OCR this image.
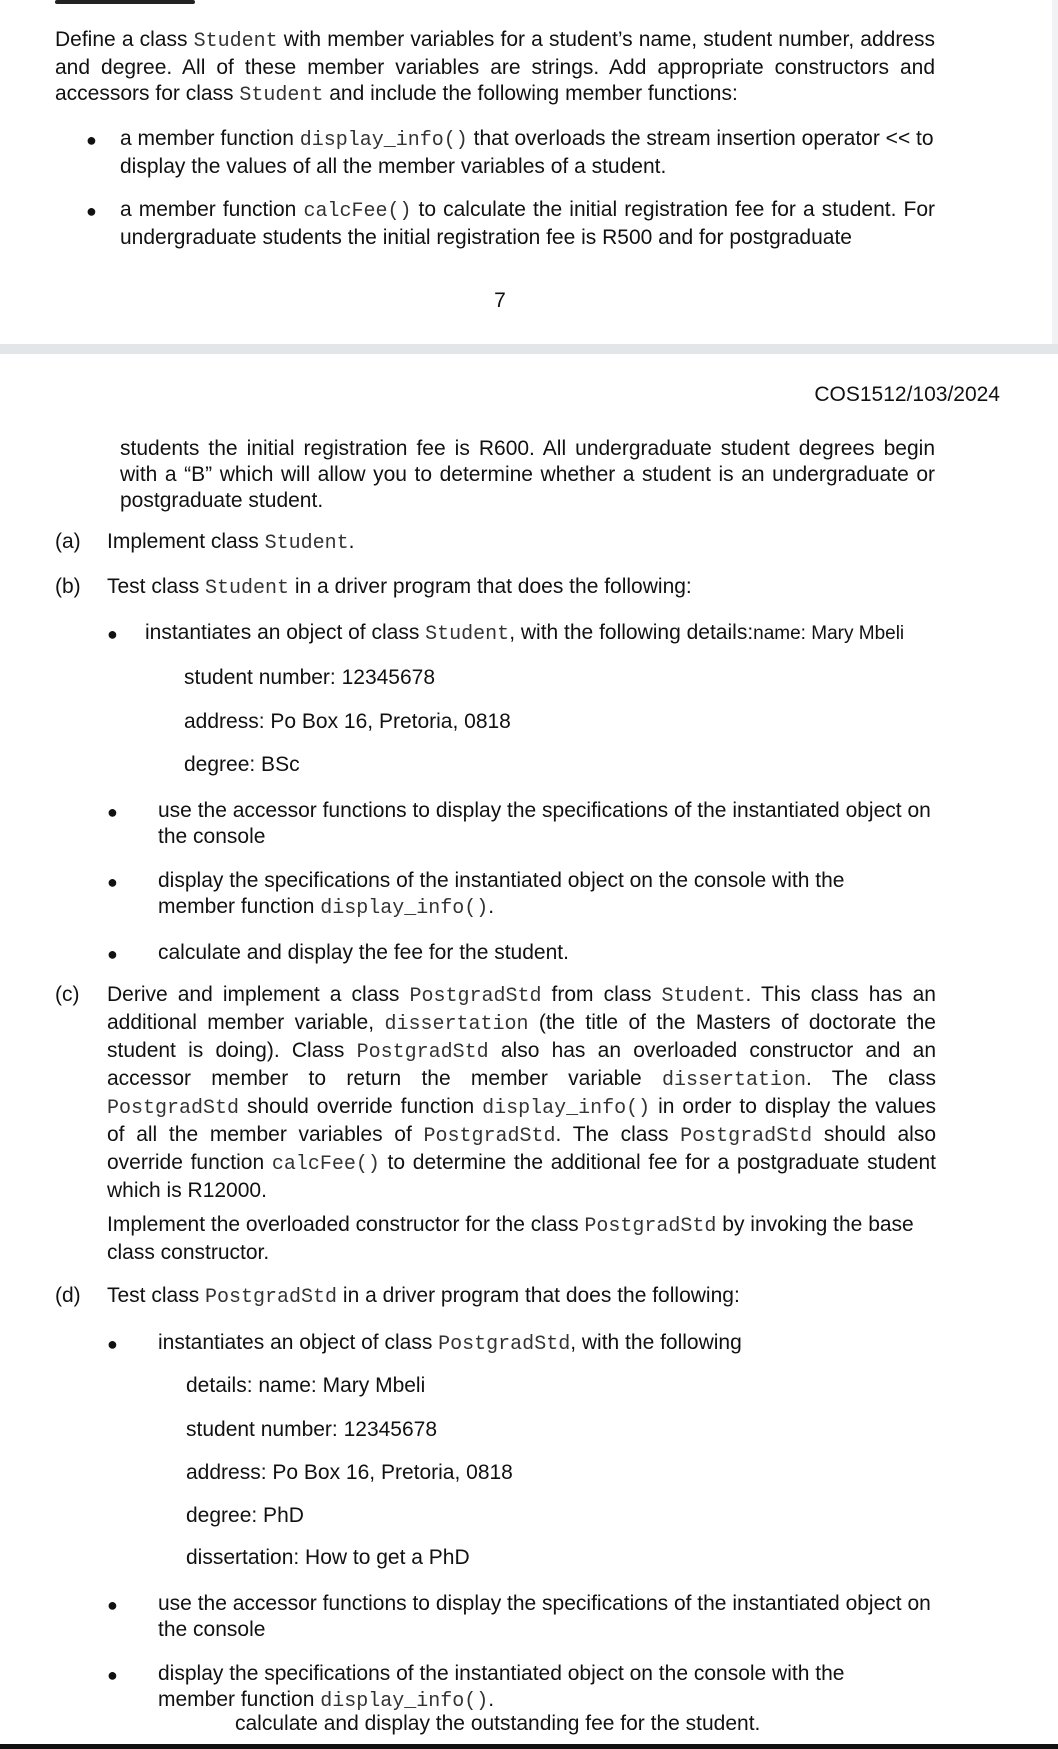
Define a class Student with member variables for a student’s name, student number, address and degree. All of these member variables are strings. Add appropriate constructors and accessors for class Student and include the following member functions:
● a member function display_info() that overloads the stream insertion operator << to display the values of all the member variables of a student.
● a member function calcFee() to calculate the initial registration fee for a student. For undergraduate students the initial registration fee is R500 and for postgraduate
7
COS1512/103/2024
students the initial registration fee is R600. All undergraduate student degrees begin with a “B” which will allow you to determine whether a student is an undergraduate or postgraduate student.
(a) Implement class Student.
(b) Test class Student in a driver program that does the following:
● instantiates an object of class Student, with the following details:name: Mary Mbeli
student number: 12345678
address: Po Box 16, Pretoria, 0818
degree: BSc
● use the accessor functions to display the specifications of the instantiated object on the console
● display the specifications of the instantiated object on the console with the member function display_info().
● calculate and display the fee for the student.
(c) Derive and implement a class PostgradStd from class Student. This class has an additional member variable, dissertation (the title of the Masters of doctorate the student is doing). Class PostgradStd also has an overloaded constructor and an accessor member to return the member variable dissertation. The class PostgradStd should override function display_info() in order to display the values of all the member variables of PostgradStd. The class PostgradStd should also override function calcFee() to determine the additional fee for a postgraduate student which is R12000.
Implement the overloaded constructor for the class PostgradStd by invoking the base class constructor.
(d) Test class PostgradStd in a driver program that does the following:
● instantiates an object of class PostgradStd, with the following
details: name: Mary Mbeli
student number: 12345678
address: Po Box 16, Pretoria, 0818
degree: PhD
dissertation: How to get a PhD
● use the accessor functions to display the specifications of the instantiated object on the console
● display the specifications of the instantiated object on the console with the member function display_info().
calculate and display the outstanding fee for the student.
